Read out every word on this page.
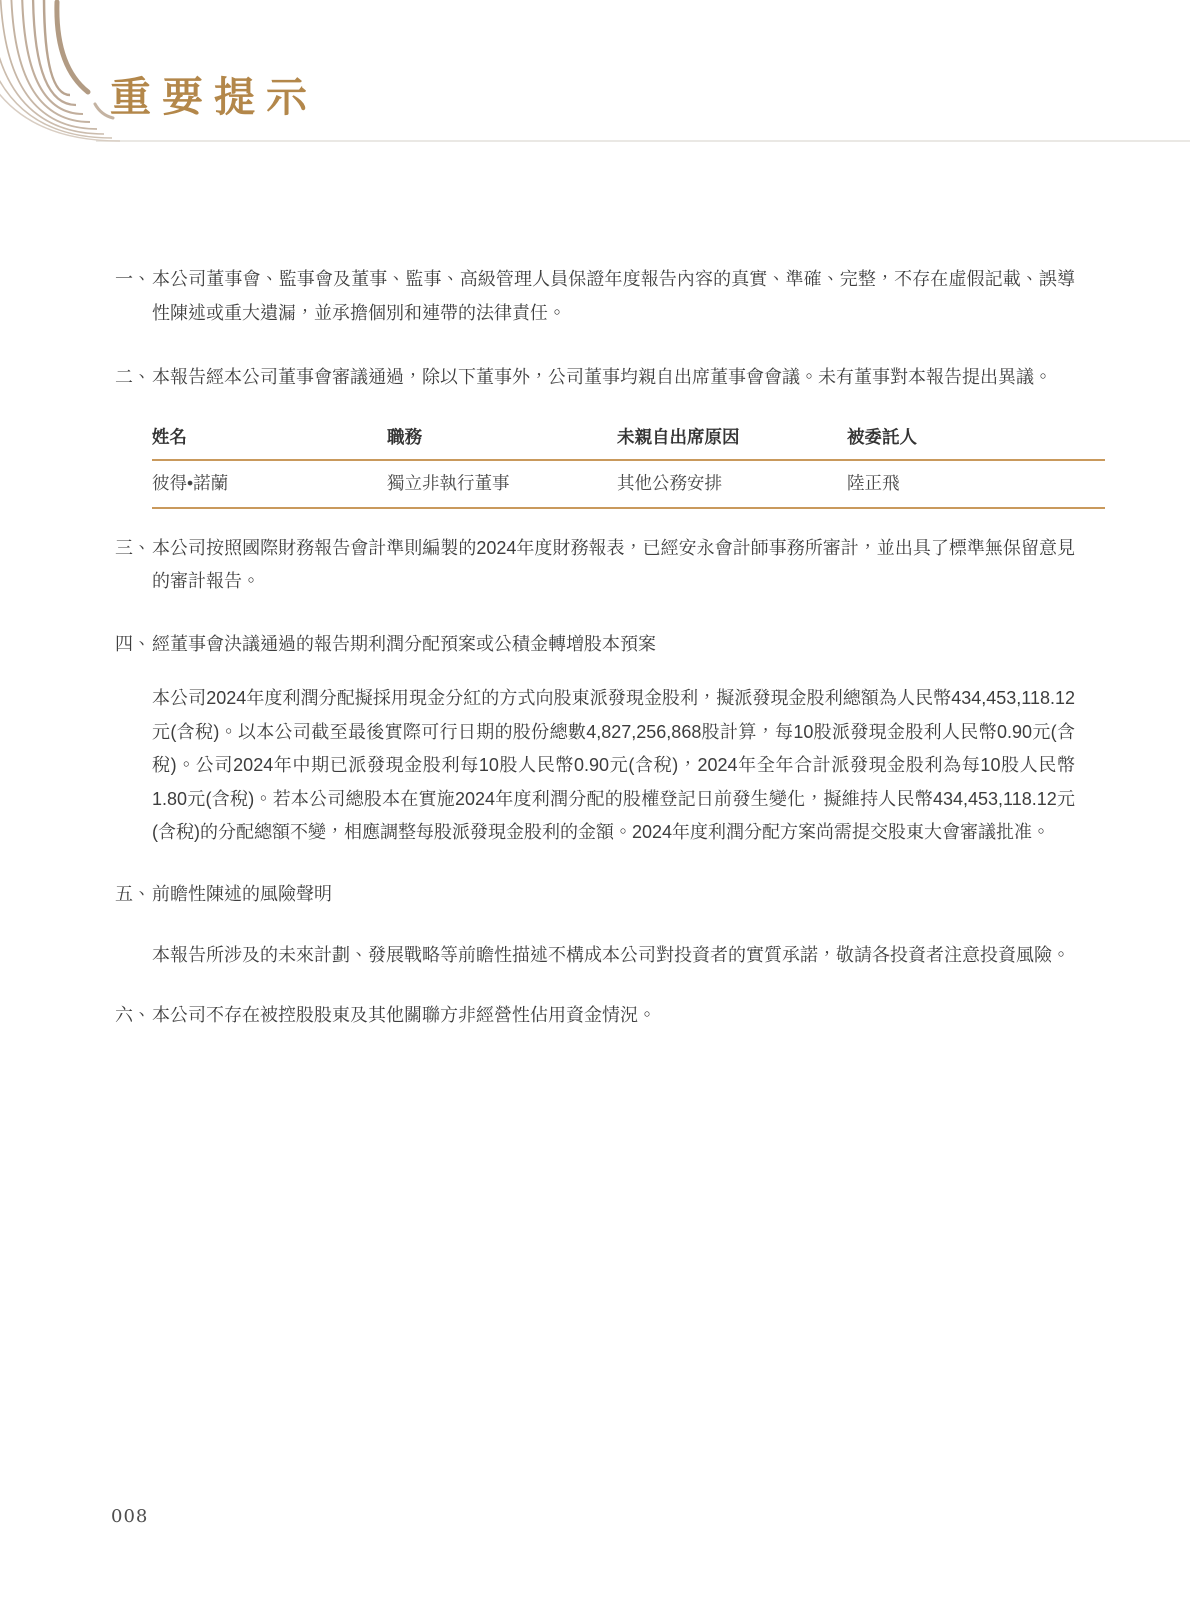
重要提示
一、 本公司董事會、監事會及董事、監事、高級管理人員保證年度報告內容的真實、準確、完整，不存在虛假記載、誤導性陳述或重大遺漏，並承擔個別和連帶的法律責任。
二、 本報告經本公司董事會審議通過，除以下董事外，公司董事均親自出席董事會會議。未有董事對本報告提出異議。
姓名	職務	未親自出席原因	被委託人
彼得•諾蘭	獨立非執行董事	其他公務安排	陸正飛
三、 本公司按照國際財務報告會計準則編製的2024年度財務報表，已經安永會計師事務所審計，並出具了標準無保留意見的審計報告。
四、 經董事會決議通過的報告期利潤分配預案或公積金轉增股本預案
本公司2024年度利潤分配擬採用現金分紅的方式向股東派發現金股利，擬派發現金股利總額為人民幣434,453,118.12元(含稅)。以本公司截至最後實際可行日期的股份總數4,827,256,868股計算，每10股派發現金股利人民幣0.90元(含稅)。公司2024年中期已派發現金股利每10股人民幣0.90元(含稅)，2024年全年合計派發現金股利為每10股人民幣1.80元(含稅)。若本公司總股本在實施2024年度利潤分配的股權登記日前發生變化，擬維持人民幣434,453,118.12元(含稅)的分配總額不變，相應調整每股派發現金股利的金額。2024年度利潤分配方案尚需提交股東大會審議批准。
五、 前瞻性陳述的風險聲明
本報告所涉及的未來計劃、發展戰略等前瞻性描述不構成本公司對投資者的實質承諾，敬請各投資者注意投資風險。
六、 本公司不存在被控股股東及其他關聯方非經營性佔用資金情況。
008
